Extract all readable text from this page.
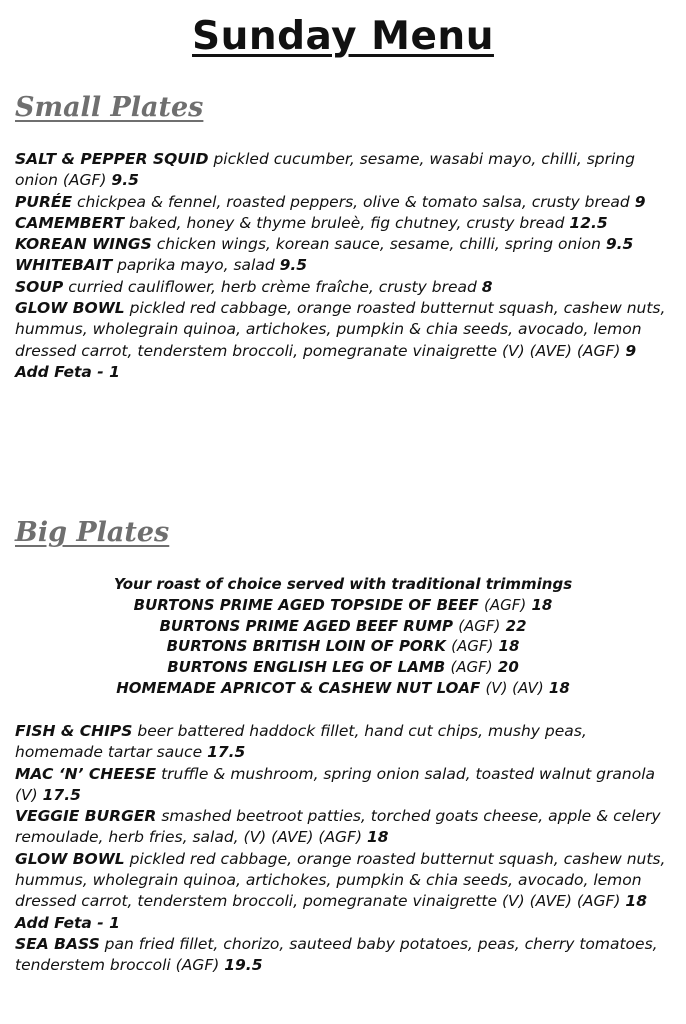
Sunday Menu
Small Plates
SALT & PEPPER SQUID pickled cucumber, sesame, wasabi mayo, chilli, spring onion (AGF) 9.5
PURÉE chickpea & fennel, roasted peppers, olive & tomato salsa, crusty bread 9
CAMEMBERT baked, honey & thyme bruleè, fig chutney, crusty bread 12.5
KOREAN WINGS chicken wings, korean sauce, sesame, chilli, spring onion 9.5
WHITEBAIT paprika mayo, salad 9.5
SOUP curried cauliflower, herb crème fraîche, crusty bread 8
GLOW BOWL pickled red cabbage, orange roasted butternut squash, cashew nuts, hummus, wholegrain quinoa, artichokes, pumpkin & chia seeds, avocado, lemon dressed carrot, tenderstem broccoli, pomegranate vinaigrette (V) (AVE) (AGF) 9
Add Feta - 1
Big Plates
Your roast of choice served with traditional trimmings
BURTONS PRIME AGED TOPSIDE OF BEEF (AGF) 18
BURTONS PRIME AGED BEEF RUMP (AGF) 22
BURTONS BRITISH LOIN OF PORK (AGF) 18
BURTONS ENGLISH LEG OF LAMB (AGF) 20
HOMEMADE APRICOT & CASHEW NUT LOAF (V) (AV) 18
FISH & CHIPS beer battered haddock fillet, hand cut chips, mushy peas, homemade tartar sauce 17.5
MAC ‘N’ CHEESE truffle & mushroom, spring onion salad, toasted walnut granola (V) 17.5
VEGGIE BURGER smashed beetroot patties, torched goats cheese, apple & celery remoulade, herb fries, salad, (V) (AVE) (AGF) 18
GLOW BOWL pickled red cabbage, orange roasted butternut squash, cashew nuts, hummus, wholegrain quinoa, artichokes, pumpkin & chia seeds, avocado, lemon dressed carrot, tenderstem broccoli, pomegranate vinaigrette (V) (AVE) (AGF) 18
Add Feta - 1
SEA BASS pan fried fillet, chorizo, sauteed baby potatoes, peas, cherry tomatoes, tenderstem broccoli (AGF) 19.5
